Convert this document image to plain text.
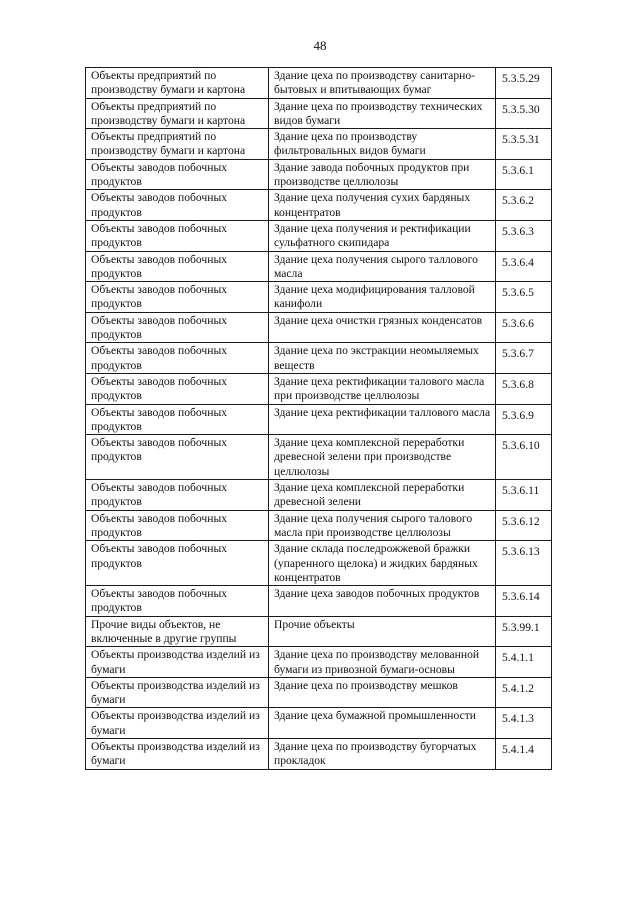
48
Объекты предприятий по производству бумаги и картона	Здание цеха по производству санитарно-бытовых и впитывающих бумаг	5.3.5.29
Объекты предприятий по производству бумаги и картона	Здание цеха по производству технических видов бумаги	5.3.5.30
Объекты предприятий по производству бумаги и картона	Здание цеха по производству фильтровальных видов бумаги	5.3.5.31
Объекты заводов побочных продуктов	Здание завода побочных продуктов при производстве целлюлозы	5.3.6.1
Объекты заводов побочных продуктов	Здание цеха получения сухих бардяных концентратов	5.3.6.2
Объекты заводов побочных продуктов	Здание цеха получения и ректификации сульфатного скипидара	5.3.6.3
Объекты заводов побочных продуктов	Здание цеха получения сырого таллового масла	5.3.6.4
Объекты заводов побочных продуктов	Здание цеха модифицирования талловой канифоли	5.3.6.5
Объекты заводов побочных продуктов	Здание цеха очистки грязных конденсатов	5.3.6.6
Объекты заводов побочных продуктов	Здание цеха по экстракции неомыляемых веществ	5.3.6.7
Объекты заводов побочных продуктов	Здание цеха ректификации талового масла при производстве целлюлозы	5.3.6.8
Объекты заводов побочных продуктов	Здание цеха ректификации таллового масла	5.3.6.9
Объекты заводов побочных продуктов	Здание цеха комплексной переработки древесной зелени при производстве целлюлозы	5.3.6.10
Объекты заводов побочных продуктов	Здание цеха комплексной переработки древесной зелени	5.3.6.11
Объекты заводов побочных продуктов	Здание цеха получения сырого талового масла при производстве целлюлозы	5.3.6.12
Объекты заводов побочных продуктов	Здание склада последрожжевой бражки (упаренного щелока) и жидких бардяных концентратов	5.3.6.13
Объекты заводов побочных продуктов	Здание цеха заводов побочных продуктов	5.3.6.14
Прочие виды объектов, не включенные в другие группы	Прочие объекты	5.3.99.1
Объекты производства изделий из бумаги	Здание цеха по производству мелованной бумаги из привозной бумаги-основы	5.4.1.1
Объекты производства изделий из бумаги	Здание цеха по производству мешков	5.4.1.2
Объекты производства изделий из бумаги	Здание цеха бумажной промышленности	5.4.1.3
Объекты производства изделий из бумаги	Здание цеха по производству бугорчатых прокладок	5.4.1.4
